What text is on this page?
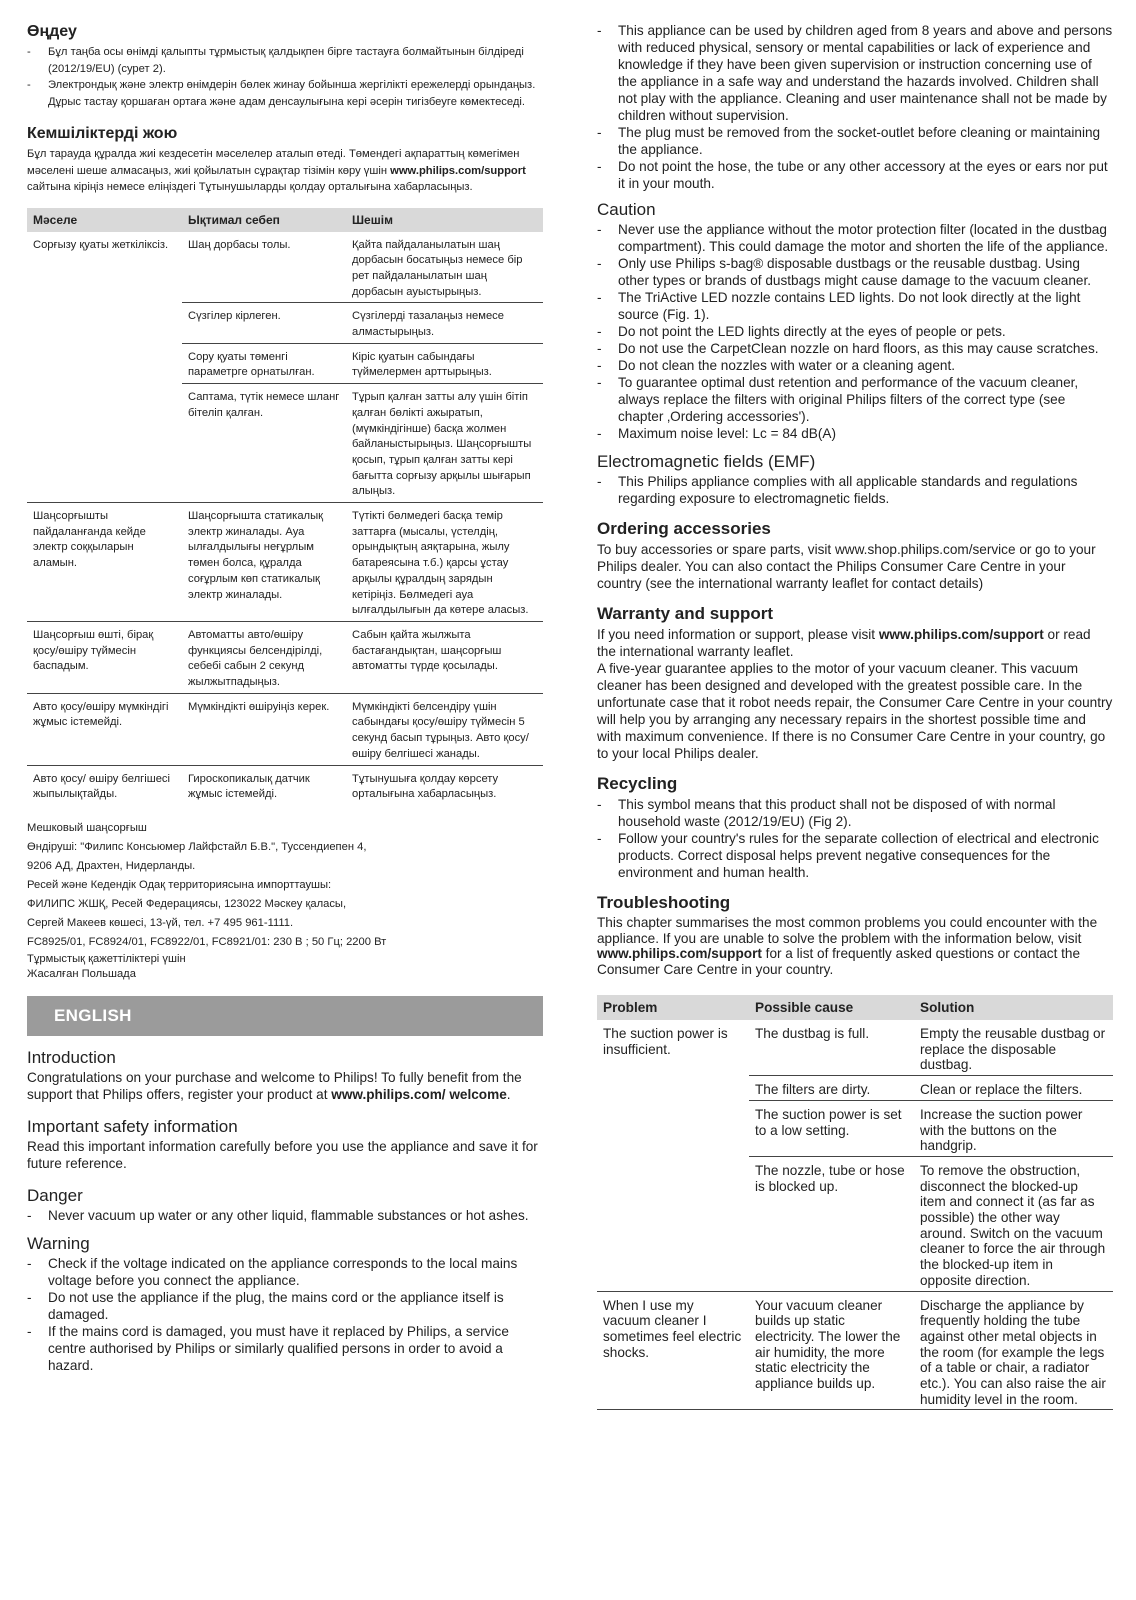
Өңдеу
- Бұл таңба осы өнімді қалыпты тұрмыстық қалдықпен бірге тастауға болмайтынын білдіреді (2012/19/EU) (сурет 2).
- Электрондық және электр өнімдерін бөлек жинау бойынша жергілікті ережелерді орындаңыз. Дұрыс тастау қоршаған ортаға және адам денсаулығына кері әсерін тигізбеуге көмектеседі.
Кемшіліктерді жою

Бұл тарауда құралда жиі кездесетін мәселелер аталып өтеді. Төмендегі ақпараттың көмегімен мәселені шеше алмасаңыз, жиі қойылатын сұрақтар тізімін көру үшін www.philips.com/support сайтына кіріңіз немесе еліңіздегі Тұтынушыларды қолдау орталығына хабарласыңыз.

Мәселе	Ықтимал себеп	Шешім
Сорғызу қуаты жеткіліксіз.	Шаң дорбасы толы.	Қайта пайдаланылатын шаң дорбасын босатыңыз немесе бір рет пайдаланылатын шаң дорбасын ауыстырыңыз.
	Сүзгілер кірлеген.	Сүзгілерді тазалаңыз немесе алмастырыңыз.
	Сору қуаты төменгі параметрге орнатылған.	Кіріс қуатын сабындағы түймелермен арттырыңыз.
	Саптама, түтік немесе шланг бітеліп қалған.	Тұрып қалған затты алу үшін бітіп қалған бөлікті ажыратып, (мүмкіндігінше) басқа жолмен байланыстырыңыз. Шаңсорғышты қосып, тұрып қалған затты кері бағытта сорғызу арқылы шығарып алыңыз.
Шаңсорғышты пайдаланғанда кейде электр соққыларын аламын.	Шаңсорғышта статикалық электр жиналады. Ауа ылғалдылығы неғұрлым төмен болса, құралда соғұрлым көп статикалық электр жиналады.	Түтікті бөлмедегі басқа темір заттарға (мысалы, үстелдің, орындықтың аяқтарына, жылу батареясына т.б.) қарсы ұстау арқылы құралдың зарядын кетіріңіз. Бөлмедегі ауа ылғалдылығын да көтере аласыз.
Шаңсорғыш өшті, бірақ қосу/өшіру түймесін баспадым.	Автоматты авто/өшіру функциясы белсендірілді, себебі сабын 2 секунд жылжытпадыңыз.	Сабын қайта жылжыта бастағандықтан, шаңсорғыш автоматты түрде қосылады.
Авто қосу/өшіру мүмкіндігі жұмыс істемейді.	Мүмкіндікті өшіруіңіз керек.	Мүмкіндікті белсендіру үшін сабындағы қосу/өшіру түймесін 5 секунд басып тұрыңыз. Авто қосу/өшіру белгішесі жанады.
Авто қосу/ өшіру белгішесі жыпылықтайды.	Гироскопикалық датчик жұмыс істемейді.	Тұтынушыға қолдау көрсету орталығына хабарласыңыз.

Мешковый шаңсорғыш

Өндіруші: "Филипс Консьюмер Лайфстайл Б.В.", Туссендиепен 4,

9206 АД, Драхтен, Нидерланды.

Ресей және Кедендік Одақ территориясына импорттаушы:

ФИЛИПС ЖШҚ, Ресей Федерациясы, 123022 Мәскеу қаласы,

Сергей Макеев көшесі, 13-үй, тел. +7 495 961-1111.

FC8925/01, FC8924/01, FC8922/01, FC8921/01: 230 В ; 50 Гц; 2200 Вт

Тұрмыстық қажеттіліктері үшін

Жасалған Польшада

ENGLISH
Introduction

Congratulations on your purchase and welcome to Philips! To fully benefit from the support that Philips offers, register your product at www.philips.com/ welcome.

Important safety information

Read this important information carefully before you use the appliance and save it for future reference.

Danger
- Never vacuum up water or any other liquid, flammable substances or hot ashes.
Warning
- Check if the voltage indicated on the appliance corresponds to the local mains voltage before you connect the appliance.
- Do not use the appliance if the plug, the mains cord or the appliance itself is damaged.
- If the mains cord is damaged, you must have it replaced by Philips, a service centre authorised by Philips or similarly qualified persons in order to avoid a hazard.
- This appliance can be used by children aged from 8 years and above and persons with reduced physical, sensory or mental capabilities or lack of experience and knowledge if they have been given supervision or instruction concerning use of the appliance in a safe way and understand the hazards involved. Children shall not play with the appliance. Cleaning and user maintenance shall not be made by children without supervision.
- The plug must be removed from the socket-outlet before cleaning or maintaining the appliance.
- Do not point the hose, the tube or any other accessory at the eyes or ears nor put it in your mouth.
Caution
- Never use the appliance without the motor protection filter (located in the dustbag compartment). This could damage the motor and shorten the life of the appliance.
- Only use Philips s-bag® disposable dustbags or the reusable dustbag. Using other types or brands of dustbags might cause damage to the vacuum cleaner.
- The TriActive LED nozzle contains LED lights. Do not look directly at the light source (Fig. 1).
- Do not point the LED lights directly at the eyes of people or pets.
- Do not use the CarpetClean nozzle on hard floors, as this may cause scratches.
- Do not clean the nozzles with water or a cleaning agent.
- To guarantee optimal dust retention and performance of the vacuum cleaner, always replace the filters with original Philips filters of the correct type (see chapter ‚Ordering accessories').
- Maximum noise level: Lc = 84 dB(A)
Electromagnetic fields (EMF)
- This Philips appliance complies with all applicable standards and regulations regarding exposure to electromagnetic fields.
Ordering accessories

To buy accessories or spare parts, visit www.shop.philips.com/service or go to your Philips dealer. You can also contact the Philips Consumer Care Centre in your country (see the international warranty leaflet for contact details)

Warranty and support

If you need information or support, please visit www.philips.com/support or read the international warranty leaflet.

A five-year guarantee applies to the motor of your vacuum cleaner. This vacuum cleaner has been designed and developed with the greatest possible care. In the unfortunate case that it robot needs repair, the Consumer Care Centre in your country will help you by arranging any necessary repairs in the shortest possible time and with maximum convenience. If there is no Consumer Care Centre in your country, go to your local Philips dealer.

Recycling
- This symbol means that this product shall not be disposed of with normal household waste (2012/19/EU) (Fig 2).
- Follow your country's rules for the separate collection of electrical and electronic products. Correct disposal helps prevent negative consequences for the environment and human health.
Troubleshooting

This chapter summarises the most common problems you could encounter with the appliance. If you are unable to solve the problem with the information below, visit www.philips.com/support for a list of frequently asked questions or contact the Consumer Care Centre in your country.

Problem	Possible cause	Solution
The suction power is insufficient.	The dustbag is full.	Empty the reusable dustbag or replace the disposable dustbag.
	The filters are dirty.	Clean or replace the filters.
	The suction power is set to a low setting.	Increase the suction power with the buttons on the handgrip.
	The nozzle, tube or hose is blocked up.	To remove the obstruction, disconnect the blocked-up item and connect it (as far as possible) the other way around. Switch on the vacuum cleaner to force the air through the blocked-up item in opposite direction.
When I use my vacuum cleaner I sometimes feel electric shocks.	Your vacuum cleaner builds up static electricity. The lower the air humidity, the more static electricity the appliance builds up.	Discharge the appliance by frequently holding the tube against other metal objects in the room (for example the legs of a table or chair, a radiator etc.). You can also raise the air humidity level in the room.
